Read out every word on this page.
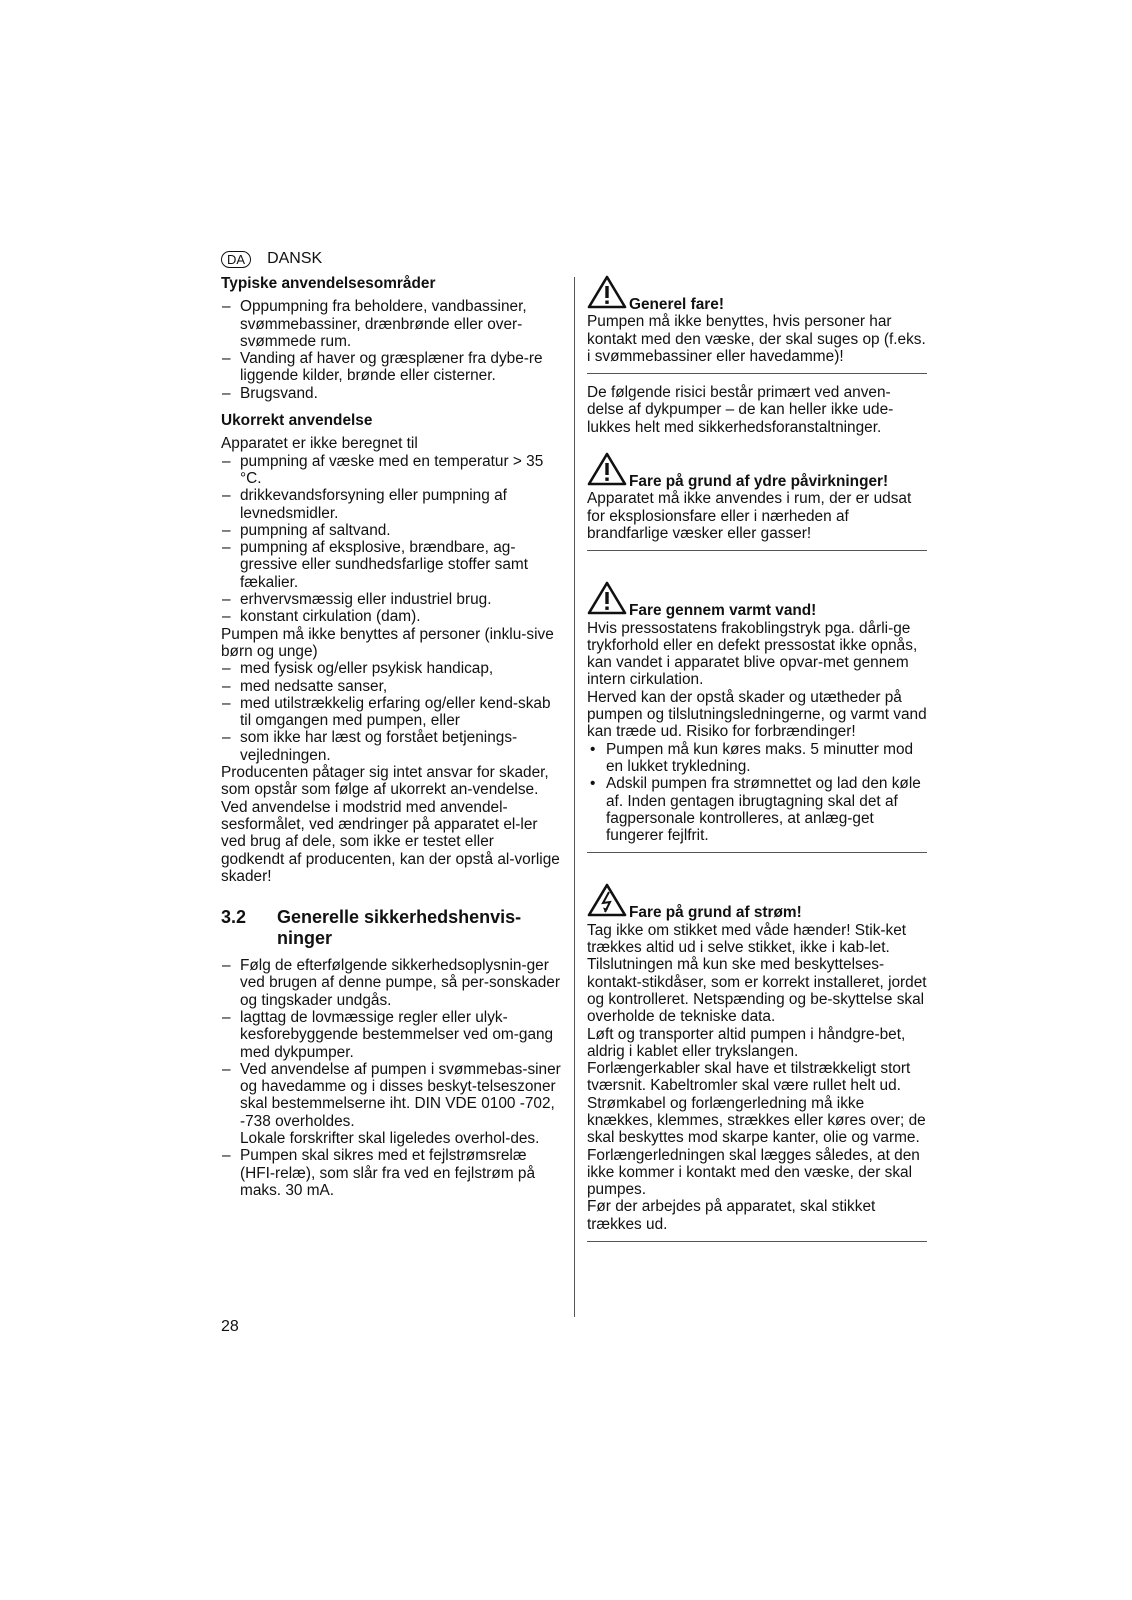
DA	DANSK

Typiske anvendelsesområder

– Oppumpning fra beholdere, vandbassiner, svømmebassiner, drænbrønde eller over-svømmede rum.
– Vanding af haver og græsplæner fra dybe-re liggende kilder, brønde eller cisterner.
– Brugsvand.

Ukorrekt anvendelse

Apparatet er ikke beregnet til

– pumpning af væske med en temperatur > 35 °C.
– drikkevandsforsyning eller pumpning af levnedsmidler.
– pumpning af saltvand.
– pumpning af eksplosive, brændbare, ag-gressive eller sundhedsfarlige stoffer samt fækalier.
– erhvervsmæssig eller industriel brug.
– konstant cirkulation (dam).

Pumpen må ikke benyttes af personer (inklu-sive børn og unge)

– med fysisk og/eller psykisk handicap,
– med nedsatte sanser,
– med utilstrækkelig erfaring og/eller kend-skab til omgangen med pumpen, eller
– som ikke har læst og forstået betjenings-vejledningen.

Producenten påtager sig intet ansvar for skader, som opstår som følge af ukorrekt an-vendelse.

Ved anvendelse i modstrid med anvendel-sesformålet, ved ændringer på apparatet el-ler ved brug af dele, som ikke er testet eller godkendt af producenten, kan der opstå al-vorlige skader!

3.2	Generelle sikkerhedshenvis-ninger
– Følg de efterfølgende sikkerhedsoplysnin-ger ved brugen af denne pumpe, så per-sonskader og tingskader undgås.
– lagttag de lovmæssige regler eller ulyk-kesforebyggende bestemmelser ved om-gang med dykpumper.
– Ved anvendelse af pumpen i svømmebas-siner og havedamme og i disses beskyt-telseszoner skal bestemmelserne iht. DIN VDE 0100 -702, -738 overholdes.
Lokale forskrifter skal ligeledes overhol-des.
– Pumpen skal sikres med et fejlstrømsrelæ (HFI-relæ), som slår fra ved en fejlstrøm på maks. 30 mA.
Generel fare!

Pumpen må ikke benyttes, hvis personer har kontakt med den væske, der skal suges op (f.eks. i svømmebassiner eller havedamme)!

De følgende risici består primært ved anven-delse af dykpumper – de kan heller ikke ude-lukkes helt med sikkerhedsforanstaltninger.

Fare på grund af ydre påvirkninger!

Apparatet må ikke anvendes i rum, der er udsat for eksplosionsfare eller i nærheden af brandfarlige væsker eller gasser!

Fare gennem varmt vand!

Hvis pressostatens frakoblingstryk pga. dårli-ge trykforhold eller en defekt pressostat ikke opnås, kan vandet i apparatet blive opvar-met gennem intern cirkulation.

Herved kan der opstå skader og utætheder på pumpen og tilslutningsledningerne, og varmt vand kan træde ud. Risiko for forbrændinger!

• Pumpen må kun køres maks. 5 minutter mod en lukket trykledning.
• Adskil pumpen fra strømnettet og lad den køle af. Inden gentagen ibrugtagning skal det af fagpersonale kontrolleres, at anlæg-get fungerer fejlfrit.
Fare på grund af strøm!

Tag ikke om stikket med våde hænder! Stik-ket trækkes altid ud i selve stikket, ikke i kab-let.

Tilslutningen må kun ske med beskyttelses-kontakt-stikdåser, som er korrekt installeret, jordet og kontrolleret. Netspænding og be-skyttelse skal overholde de tekniske data.

Løft og transporter altid pumpen i håndgre-bet, aldrig i kablet eller trykslangen.

Forlængerkabler skal have et tilstrækkeligt stort tværsnit. Kabeltromler skal være rullet helt ud.

Strømkabel og forlængerledning må ikke knækkes, klemmes, strækkes eller køres over; de skal beskyttes mod skarpe kanter, olie og varme.

Forlængerledningen skal lægges således, at den ikke kommer i kontakt med den væske, der skal pumpes.

Før der arbejdes på apparatet, skal stikket trækkes ud.

28
